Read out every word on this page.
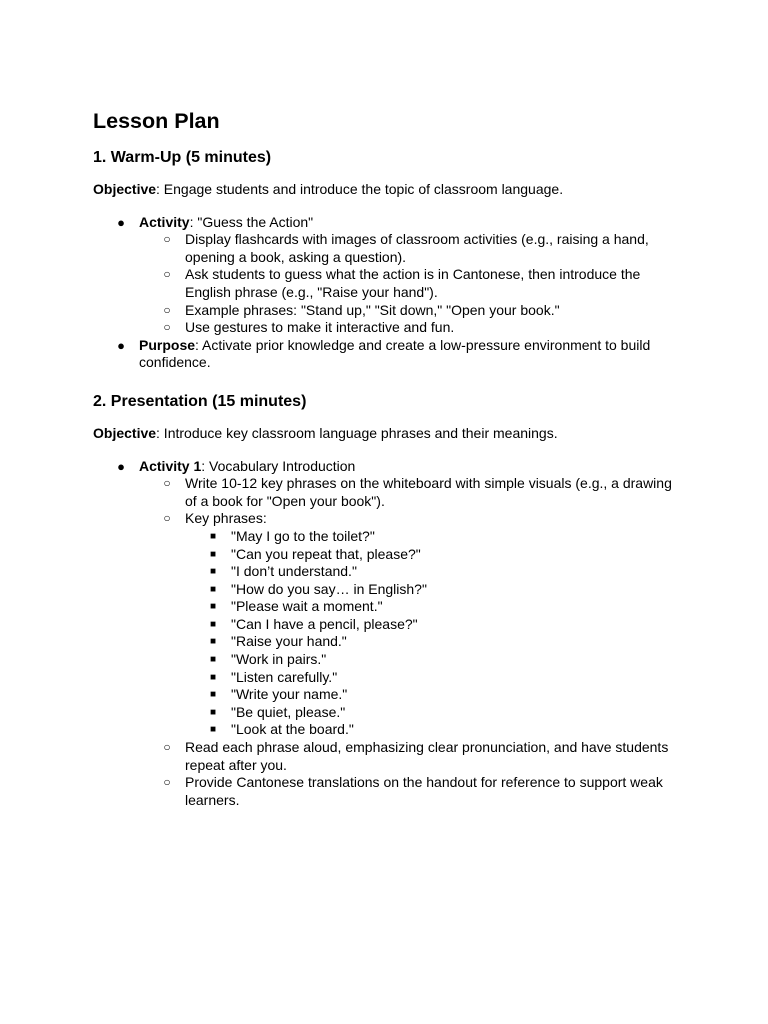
Lesson Plan
1. Warm-Up (5 minutes)

Objective: Engage students and introduce the topic of classroom language.

● Activity: "Guess the Action"
○ Display flashcards with images of classroom activities (e.g., raising a hand, opening a book, asking a question).
○ Ask students to guess what the action is in Cantonese, then introduce the English phrase (e.g., "Raise your hand").
○ Example phrases: "Stand up," "Sit down," "Open your book."
○ Use gestures to make it interactive and fun.
● Purpose: Activate prior knowledge and create a low-pressure environment to build confidence.
2. Presentation (15 minutes)

Objective: Introduce key classroom language phrases and their meanings.

● Activity 1: Vocabulary Introduction
○ Write 10-12 key phrases on the whiteboard with simple visuals (e.g., a drawing of a book for "Open your book").
○ Key phrases:
■ "May I go to the toilet?"
■ "Can you repeat that, please?"
■ "I don’t understand."
■ "How do you say… in English?"
■ "Please wait a moment."
■ "Can I have a pencil, please?"
■ "Raise your hand."
■ "Work in pairs."
■ "Listen carefully."
■ "Write your name."
■ "Be quiet, please."
■ "Look at the board."
○ Read each phrase aloud, emphasizing clear pronunciation, and have students repeat after you.
○ Provide Cantonese translations on the handout for reference to support weak learners.
